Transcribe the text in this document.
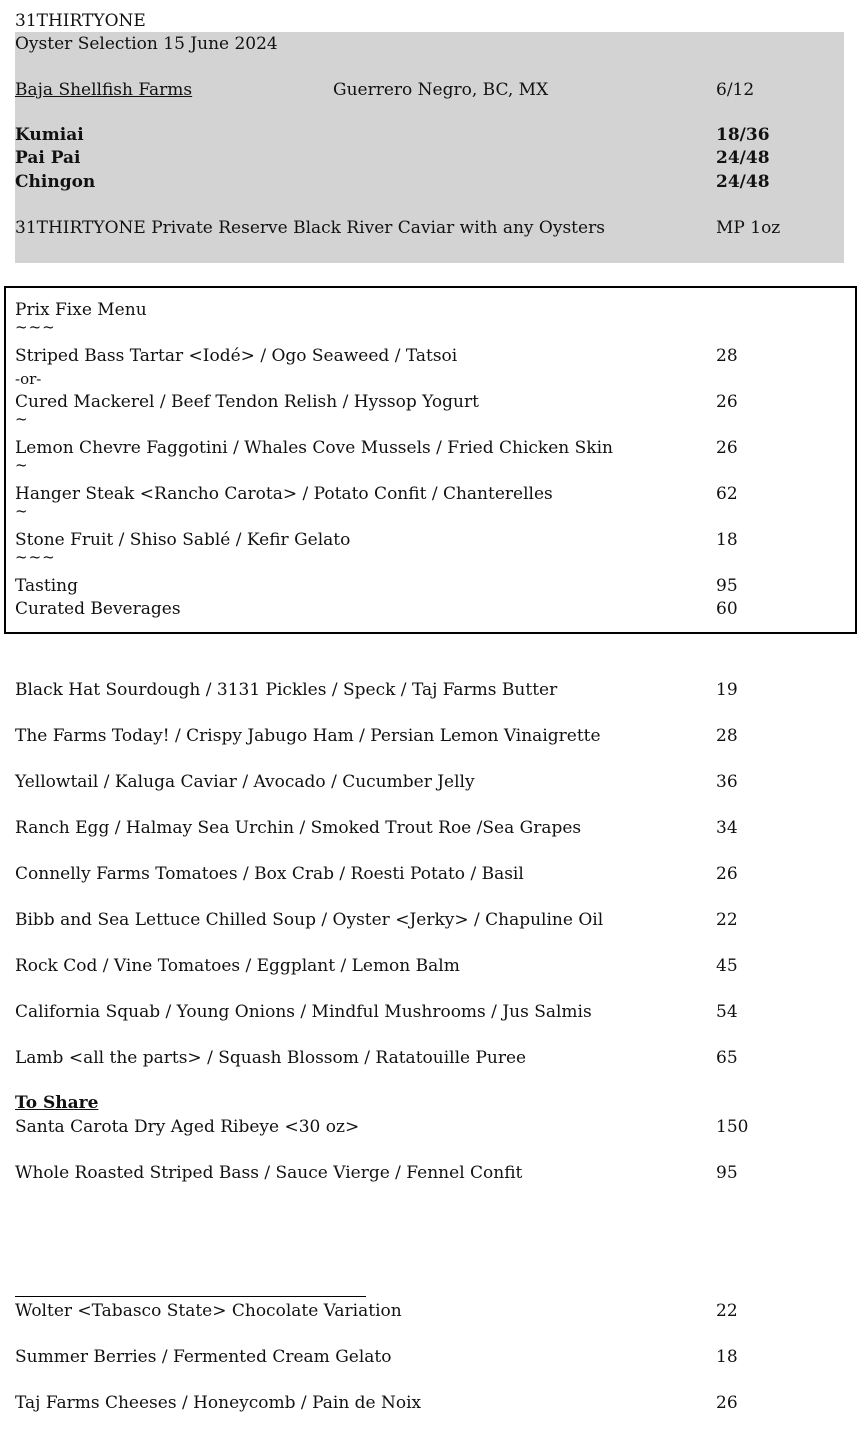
31THIRTYONE
Oyster Selection 15 June 2024
Baja Shellfish Farms	Guerrero Negro, BC, MX	6/12
Kumiai	18/36
Pai Pai	24/48
Chingon	24/48
31THIRTYONE Private Reserve Black River Caviar with any Oysters	MP 1oz
Prix Fixe Menu
~~~
Striped Bass Tartar <Iodé> / Ogo Seaweed / Tatsoi	28
-or-
Cured Mackerel / Beef Tendon Relish / Hyssop Yogurt	26
~
Lemon Chevre Faggotini / Whales Cove Mussels / Fried Chicken Skin	26
~
Hanger Steak <Rancho Carota> / Potato Confit / Chanterelles	62
~
Stone Fruit / Shiso Sablé / Kefir Gelato	18
~~~
Tasting	95
Curated Beverages	60
Black Hat Sourdough / 3131 Pickles / Speck / Taj Farms Butter	19
The Farms Today! / Crispy Jabugo Ham / Persian Lemon Vinaigrette	28
Yellowtail / Kaluga Caviar / Avocado / Cucumber Jelly	36
Ranch Egg / Halmay Sea Urchin / Smoked Trout Roe /Sea Grapes	34
Connelly Farms Tomatoes / Box Crab / Roesti Potato / Basil	26
Bibb and Sea Lettuce Chilled Soup / Oyster <Jerky> / Chapuline Oil	22
Rock Cod / Vine Tomatoes / Eggplant / Lemon Balm	45
California Squab / Young Onions / Mindful Mushrooms / Jus Salmis	54
Lamb <all the parts> / Squash Blossom / Ratatouille Puree	65
To Share
Santa Carota Dry Aged Ribeye <30 oz>	150
Whole Roasted Striped Bass / Sauce Vierge / Fennel Confit	95
Wolter <Tabasco State> Chocolate Variation	22
Summer Berries / Fermented Cream Gelato	18
Taj Farms Cheeses / Honeycomb / Pain de Noix	26
